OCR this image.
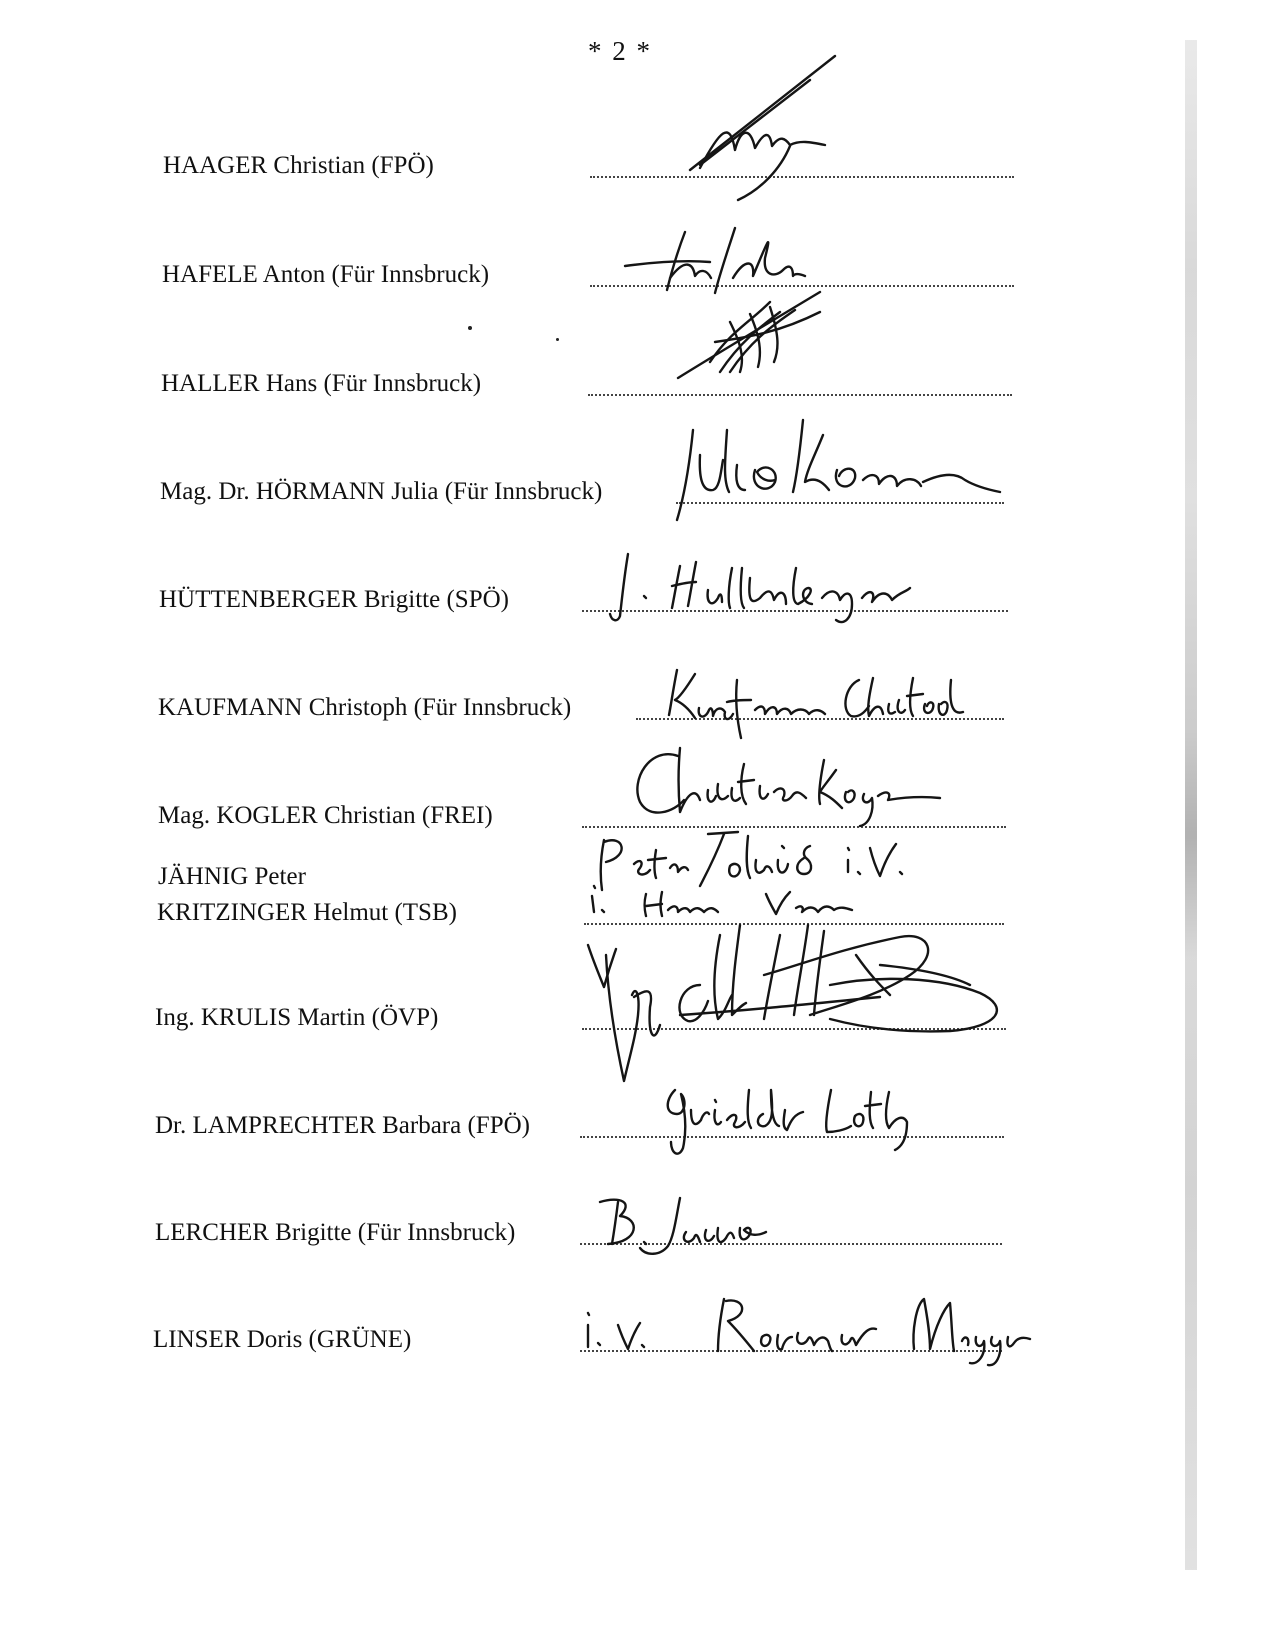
* 2 *
HAAGER Christian (FPÖ)
HAFELE Anton (Für Innsbruck)
HALLER Hans (Für Innsbruck)
Mag. Dr. HÖRMANN Julia (Für Innsbruck)
HÜTTENBERGER Brigitte (SPÖ)
KAUFMANN Christoph (Für Innsbruck)
Mag. KOGLER Christian (FREI)
JÄHNIG Peter
KRITZINGER Helmut (TSB)
Ing. KRULIS Martin (ÖVP)
Dr. LAMPRECHTER Barbara (FPÖ)
LERCHER Brigitte (Für Innsbruck)
LINSER Doris (GRÜNE)
